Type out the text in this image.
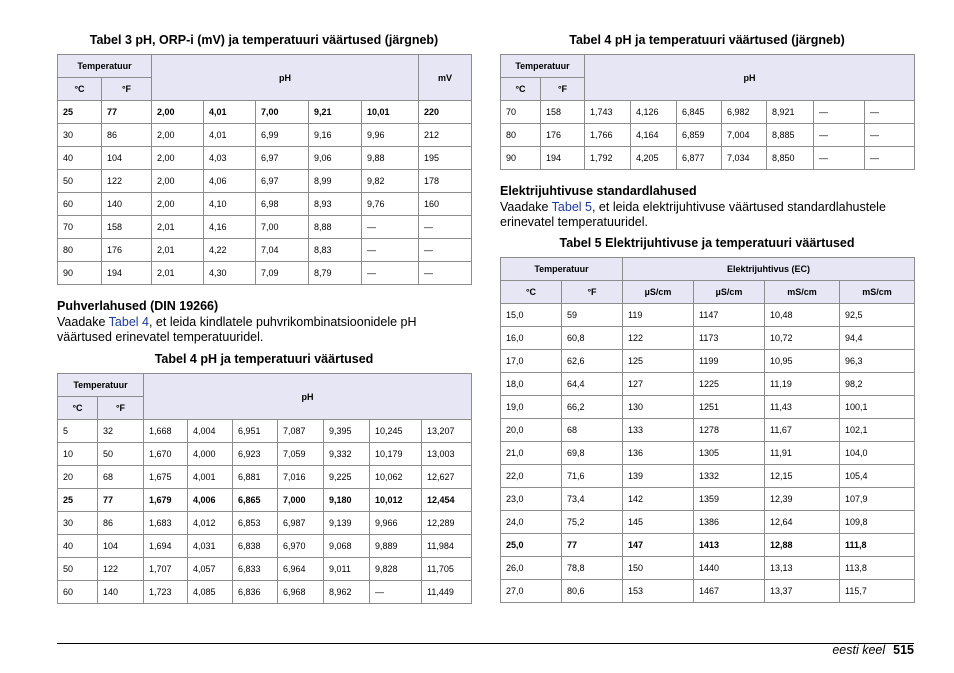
Tabel 3 pH, ORP-i (mV) ja temperatuuri väärtused (järgneb)
Temperatuur		pH					mV
°C	°F						
25	77	2,00	4,01	7,00	9,21	10,01	220
30	86	2,00	4,01	6,99	9,16	9,96	212
40	104	2,00	4,03	6,97	9,06	9,88	195
50	122	2,00	4,06	6,97	8,99	9,82	178
60	140	2,00	4,10	6,98	8,93	9,76	160
70	158	2,01	4,16	7,00	8,88	—	—
80	176	2,01	4,22	7,04	8,83	—	—
90	194	2,01	4,30	7,09	8,79	—	—
Puhverlahused (DIN 19266)
Vaadake Tabel 4, et leida kindlatele puhvrikombinatsioonidele pH väärtused erinevatel temperatuuridel.
Tabel 4 pH ja temperatuuri väärtused
Temperatuur		pH						
°C	°F							
5	32	1,668	4,004	6,951	7,087	9,395	10,245	13,207
10	50	1,670	4,000	6,923	7,059	9,332	10,179	13,003
20	68	1,675	4,001	6,881	7,016	9,225	10,062	12,627
25	77	1,679	4,006	6,865	7,000	9,180	10,012	12,454
30	86	1,683	4,012	6,853	6,987	9,139	9,966	12,289
40	104	1,694	4,031	6,838	6,970	9,068	9,889	11,984
50	122	1,707	4,057	6,833	6,964	9,011	9,828	11,705
60	140	1,723	4,085	6,836	6,968	8,962	—	11,449
Tabel 4 pH ja temperatuuri väärtused (järgneb)
Temperatuur		pH						
°C	°F							
70	158	1,743	4,126	6,845	6,982	8,921	—	—
80	176	1,766	4,164	6,859	7,004	8,885	—	—
90	194	1,792	4,205	6,877	7,034	8,850	—	—
Elektrijuhtivuse standardlahused
Vaadake Tabel 5, et leida elektrijuhtivuse väärtused standardlahustele erinevatel temperatuuridel.
Tabel 5 Elektrijuhtivuse ja temperatuuri väärtused
Temperatuur		Elektrijuhtivus (EC)			
°C	°F	µS/cm	µS/cm	mS/cm	mS/cm
15,0	59	119	1147	10,48	92,5
16,0	60,8	122	1173	10,72	94,4
17,0	62,6	125	1199	10,95	96,3
18,0	64,4	127	1225	11,19	98,2
19,0	66,2	130	1251	11,43	100,1
20,0	68	133	1278	11,67	102,1
21,0	69,8	136	1305	11,91	104,0
22,0	71,6	139	1332	12,15	105,4
23,0	73,4	142	1359	12,39	107,9
24,0	75,2	145	1386	12,64	109,8
25,0	77	147	1413	12,88	111,8
26,0	78,8	150	1440	13,13	113,8
27,0	80,6	153	1467	13,37	115,7
eesti keel 515
